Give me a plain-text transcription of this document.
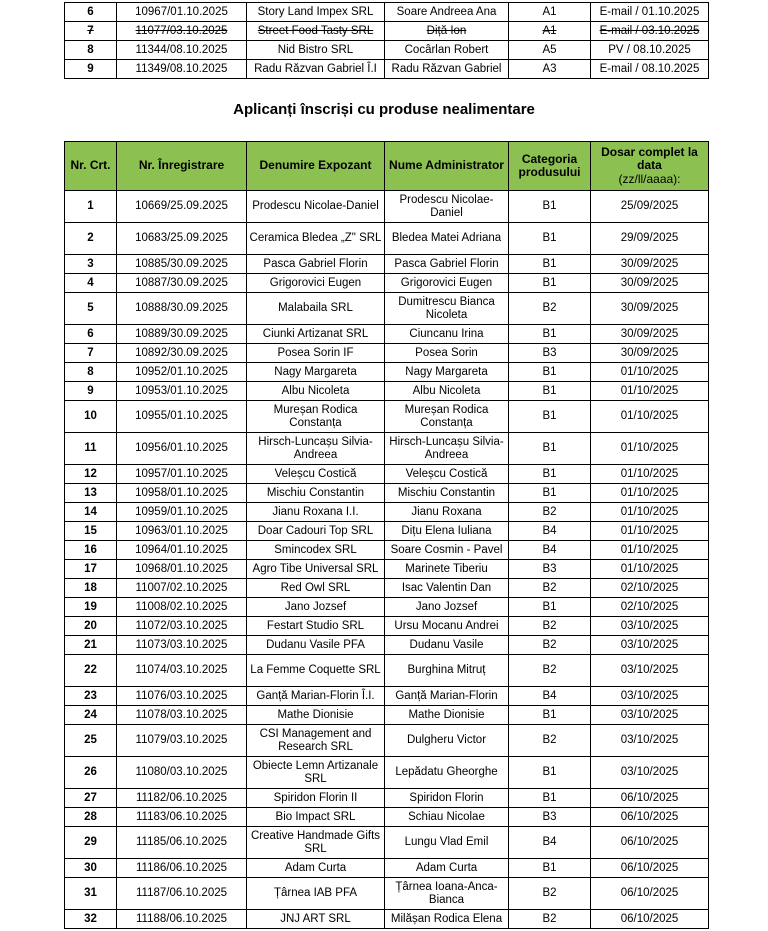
6	10967/01.10.2025	Story Land Impex SRL	Soare Andreea Ana	A1	E-mail / 01.10.2025
7	11077/03.10.2025	Street Food Tasty SRL	Diță Ion	A1	E-mail / 03.10.2025
8	11344/08.10.2025	Nid Bistro SRL	Cocârlan Robert	A5	PV / 08.10.2025
9	11349/08.10.2025	Radu Răzvan Gabriel Î.I	Radu Răzvan Gabriel	A3	E-mail / 08.10.2025
Aplicanți înscriși cu produse nealimentare
Nr. Crt.	Nr. Înregistrare	Denumire Expozant	Nume Administrator	Categoria produsului	Dosar complet la data
(zz/ll/aaaa):
1	10669/25.09.2025	Prodescu Nicolae-Daniel	Prodescu Nicolae-Daniel	B1	25/09/2025
2	10683/25.09.2025	Ceramica Bledea „Z" SRL	Bledea Matei Adriana	B1	29/09/2025
3	10885/30.09.2025	Pasca Gabriel Florin	Pasca Gabriel Florin	B1	30/09/2025
4	10887/30.09.2025	Grigorovici Eugen	Grigorovici Eugen	B1	30/09/2025
5	10888/30.09.2025	Malabaila SRL	Dumitrescu Bianca Nicoleta	B2	30/09/2025
6	10889/30.09.2025	Ciunki Artizanat SRL	Ciuncanu Irina	B1	30/09/2025
7	10892/30.09.2025	Posea Sorin IF	Posea Sorin	B3	30/09/2025
8	10952/01.10.2025	Nagy Margareta	Nagy Margareta	B1	01/10/2025
9	10953/01.10.2025	Albu Nicoleta	Albu Nicoleta	B1	01/10/2025
10	10955/01.10.2025	Mureșan Rodica Constanța	Mureșan Rodica Constanța	B1	01/10/2025
11	10956/01.10.2025	Hirsch-Luncașu Silvia-Andreea	Hirsch-Luncașu Silvia-Andreea	B1	01/10/2025
12	10957/01.10.2025	Veleșcu Costică	Veleșcu Costică	B1	01/10/2025
13	10958/01.10.2025	Mischiu Constantin	Mischiu Constantin	B1	01/10/2025
14	10959/01.10.2025	Jianu Roxana I.I.	Jianu Roxana	B2	01/10/2025
15	10963/01.10.2025	Doar Cadouri Top SRL	Dițu Elena Iuliana	B4	01/10/2025
16	10964/01.10.2025	Smincodex SRL	Soare Cosmin - Pavel	B4	01/10/2025
17	10968/01.10.2025	Agro Tibe Universal SRL	Marinete Tiberiu	B3	01/10/2025
18	11007/02.10.2025	Red Owl SRL	Isac Valentin Dan	B2	02/10/2025
19	11008/02.10.2025	Jano Jozsef	Jano Jozsef	B1	02/10/2025
20	11072/03.10.2025	Festart Studio SRL	Ursu Mocanu Andrei	B2	03/10/2025
21	11073/03.10.2025	Dudanu Vasile PFA	Dudanu Vasile	B2	03/10/2025
22	11074/03.10.2025	La Femme Coquette SRL	Burghina Mitruț	B2	03/10/2025
23	11076/03.10.2025	Ganță Marian-Florin Î.I.	Ganță Marian-Florin	B4	03/10/2025
24	11078/03.10.2025	Mathe Dionisie	Mathe Dionisie	B1	03/10/2025
25	11079/03.10.2025	CSI Management and Research SRL	Dulgheru Victor	B2	03/10/2025
26	11080/03.10.2025	Obiecte Lemn Artizanale SRL	Lepădatu Gheorghe	B1	03/10/2025
27	11182/06.10.2025	Spiridon Florin II	Spiridon Florin	B1	06/10/2025
28	11183/06.10.2025	Bio Impact SRL	Schiau Nicolae	B3	06/10/2025
29	11185/06.10.2025	Creative Handmade Gifts SRL	Lungu Vlad Emil	B4	06/10/2025
30	11186/06.10.2025	Adam Curta	Adam Curta	B1	06/10/2025
31	11187/06.10.2025	Țârnea IAB PFA	Țârnea Ioana-Anca-Bianca	B2	06/10/2025
32	11188/06.10.2025	JNJ ART SRL	Milășan Rodica Elena	B2	06/10/2025
